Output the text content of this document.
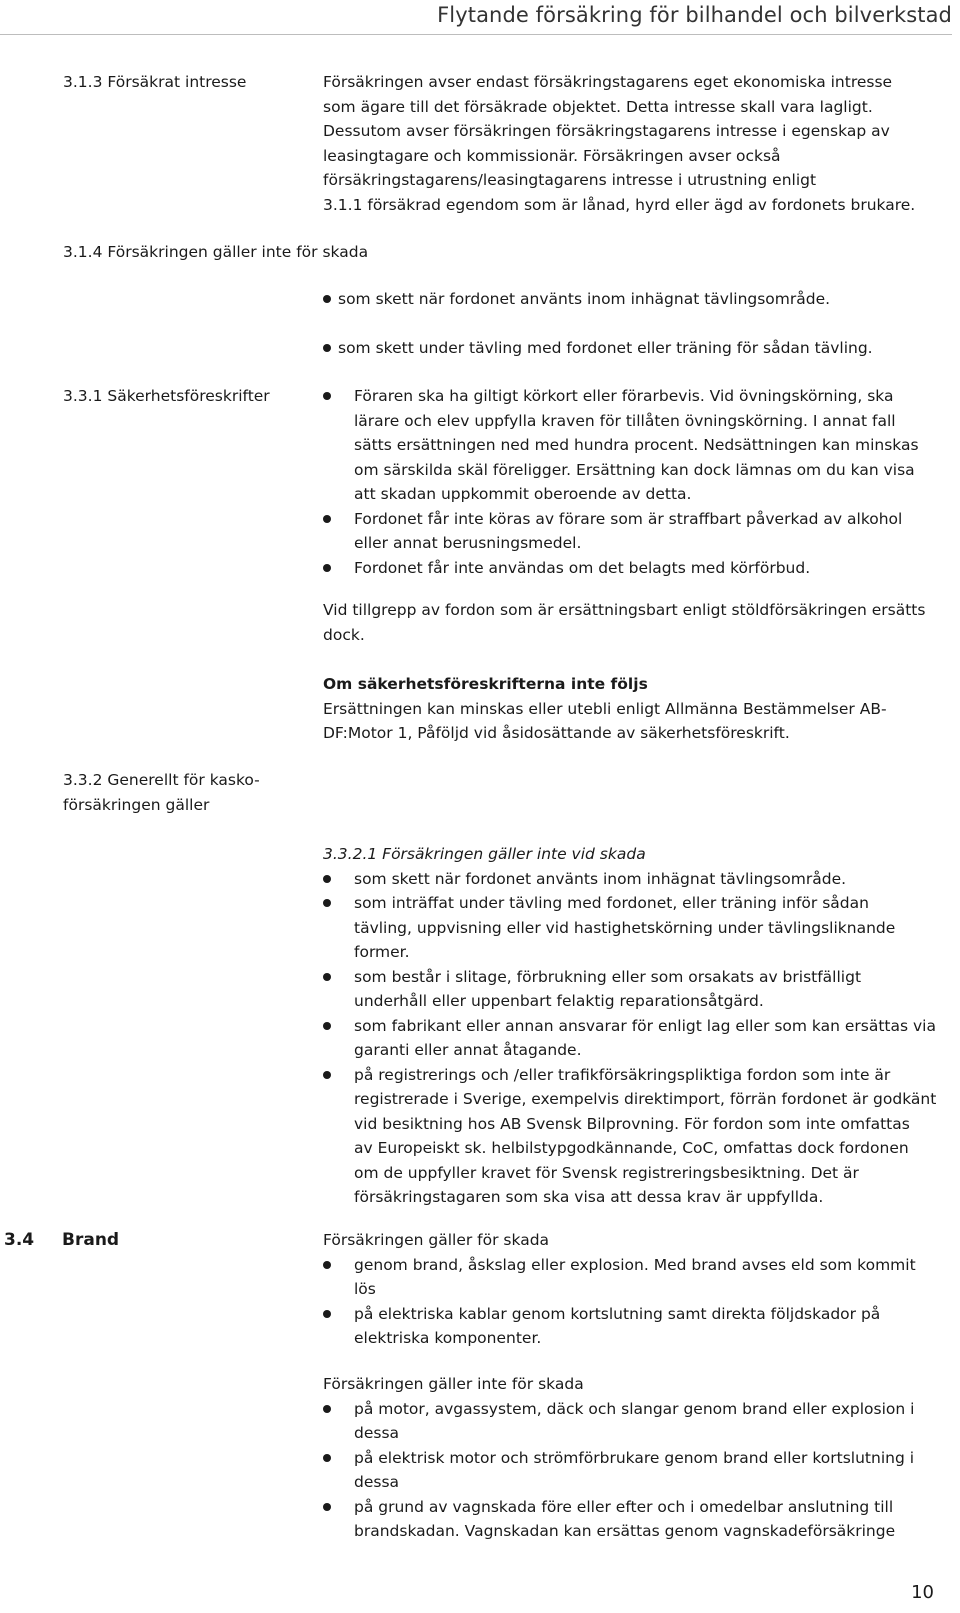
Flytande försäkring för bilhandel och bilverkstad
3.1.3 Försäkrat intresse	Försäkringen avser endast försäkringstagarens eget ekonomiska intresse
som ägare till det försäkrade objektet. Detta intresse skall vara lagligt.
Dessutom avser försäkringen försäkringstagarens intresse i egenskap av
leasingtagare och kommissionär. Försäkringen avser också
försäkringstagarens/leasingtagarens intresse i utrustning enligt
3.1.1 försäkrad egendom som är lånad, hyrd eller ägd av fordonets brukare.
3.1.4 Försäkringen gäller inte för skada
som skett när fordonet använts inom inhägnat tävlingsområde.
som skett under tävling med fordonet eller träning för sådan tävling.
3.3.1 Säkerhetsföreskrifter	Föraren ska ha giltigt körkort eller förarbevis. Vid övningskörning, ska
lärare och elev uppfylla kraven för tillåten övningskörning. I annat fall
sätts ersättningen ned med hundra procent. Nedsättningen kan minskas
om särskilda skäl föreligger. Ersättning kan dock lämnas om du kan visa
att skadan uppkommit oberoende av detta.
Fordonet får inte köras av förare som är straffbart påverkad av alkohol
eller annat berusningsmedel.
Fordonet får inte användas om det belagts med körförbud.
Vid tillgrepp av fordon som är ersättningsbart enligt stöldförsäkringen ersätts
dock.
Om säkerhetsföreskrifterna inte följs
Ersättningen kan minskas eller utebli enligt Allmänna Bestämmelser AB-
DF:Motor 1, Påföljd vid åsidosättande av säkerhetsföreskrift.
3.3.2 Generellt för kasko-
försäkringen gäller
3.3.2.1 Försäkringen gäller inte vid skada
som skett när fordonet använts inom inhägnat tävlingsområde.
som inträffat under tävling med fordonet, eller träning inför sådan
tävling, uppvisning eller vid hastighetskörning under tävlingsliknande
former.
som består i slitage, förbrukning eller som orsakats av bristfälligt
underhåll eller uppenbart felaktig reparationsåtgärd.
som fabrikant eller annan ansvarar för enligt lag eller som kan ersättas via
garanti eller annat åtagande.
på registrerings och /eller trafikförsäkringspliktiga fordon som inte är
registrerade i Sverige, exempelvis direktimport, förrän fordonet är godkänt
vid besiktning hos AB Svensk Bilprovning. För fordon som inte omfattas
av Europeiskt sk. helbilstypgodkännande, CoC, omfattas dock fordonen
om de uppfyller kravet för Svensk registreringsbesiktning. Det är
försäkringstagaren som ska visa att dessa krav är uppfyllda.
3.4 Brand	Försäkringen gäller för skada
genom brand, åskslag eller explosion. Med brand avses eld som kommit
lös
på elektriska kablar genom kortslutning samt direkta följdskador på
elektriska komponenter.
Försäkringen gäller inte för skada
på motor, avgassystem, däck och slangar genom brand eller explosion i
dessa
på elektrisk motor och strömförbrukare genom brand eller kortslutning i
dessa
på grund av vagnskada före eller efter och i omedelbar anslutning till
brandskadan. Vagnskadan kan ersättas genom vagnskadeförsäkringe
10
